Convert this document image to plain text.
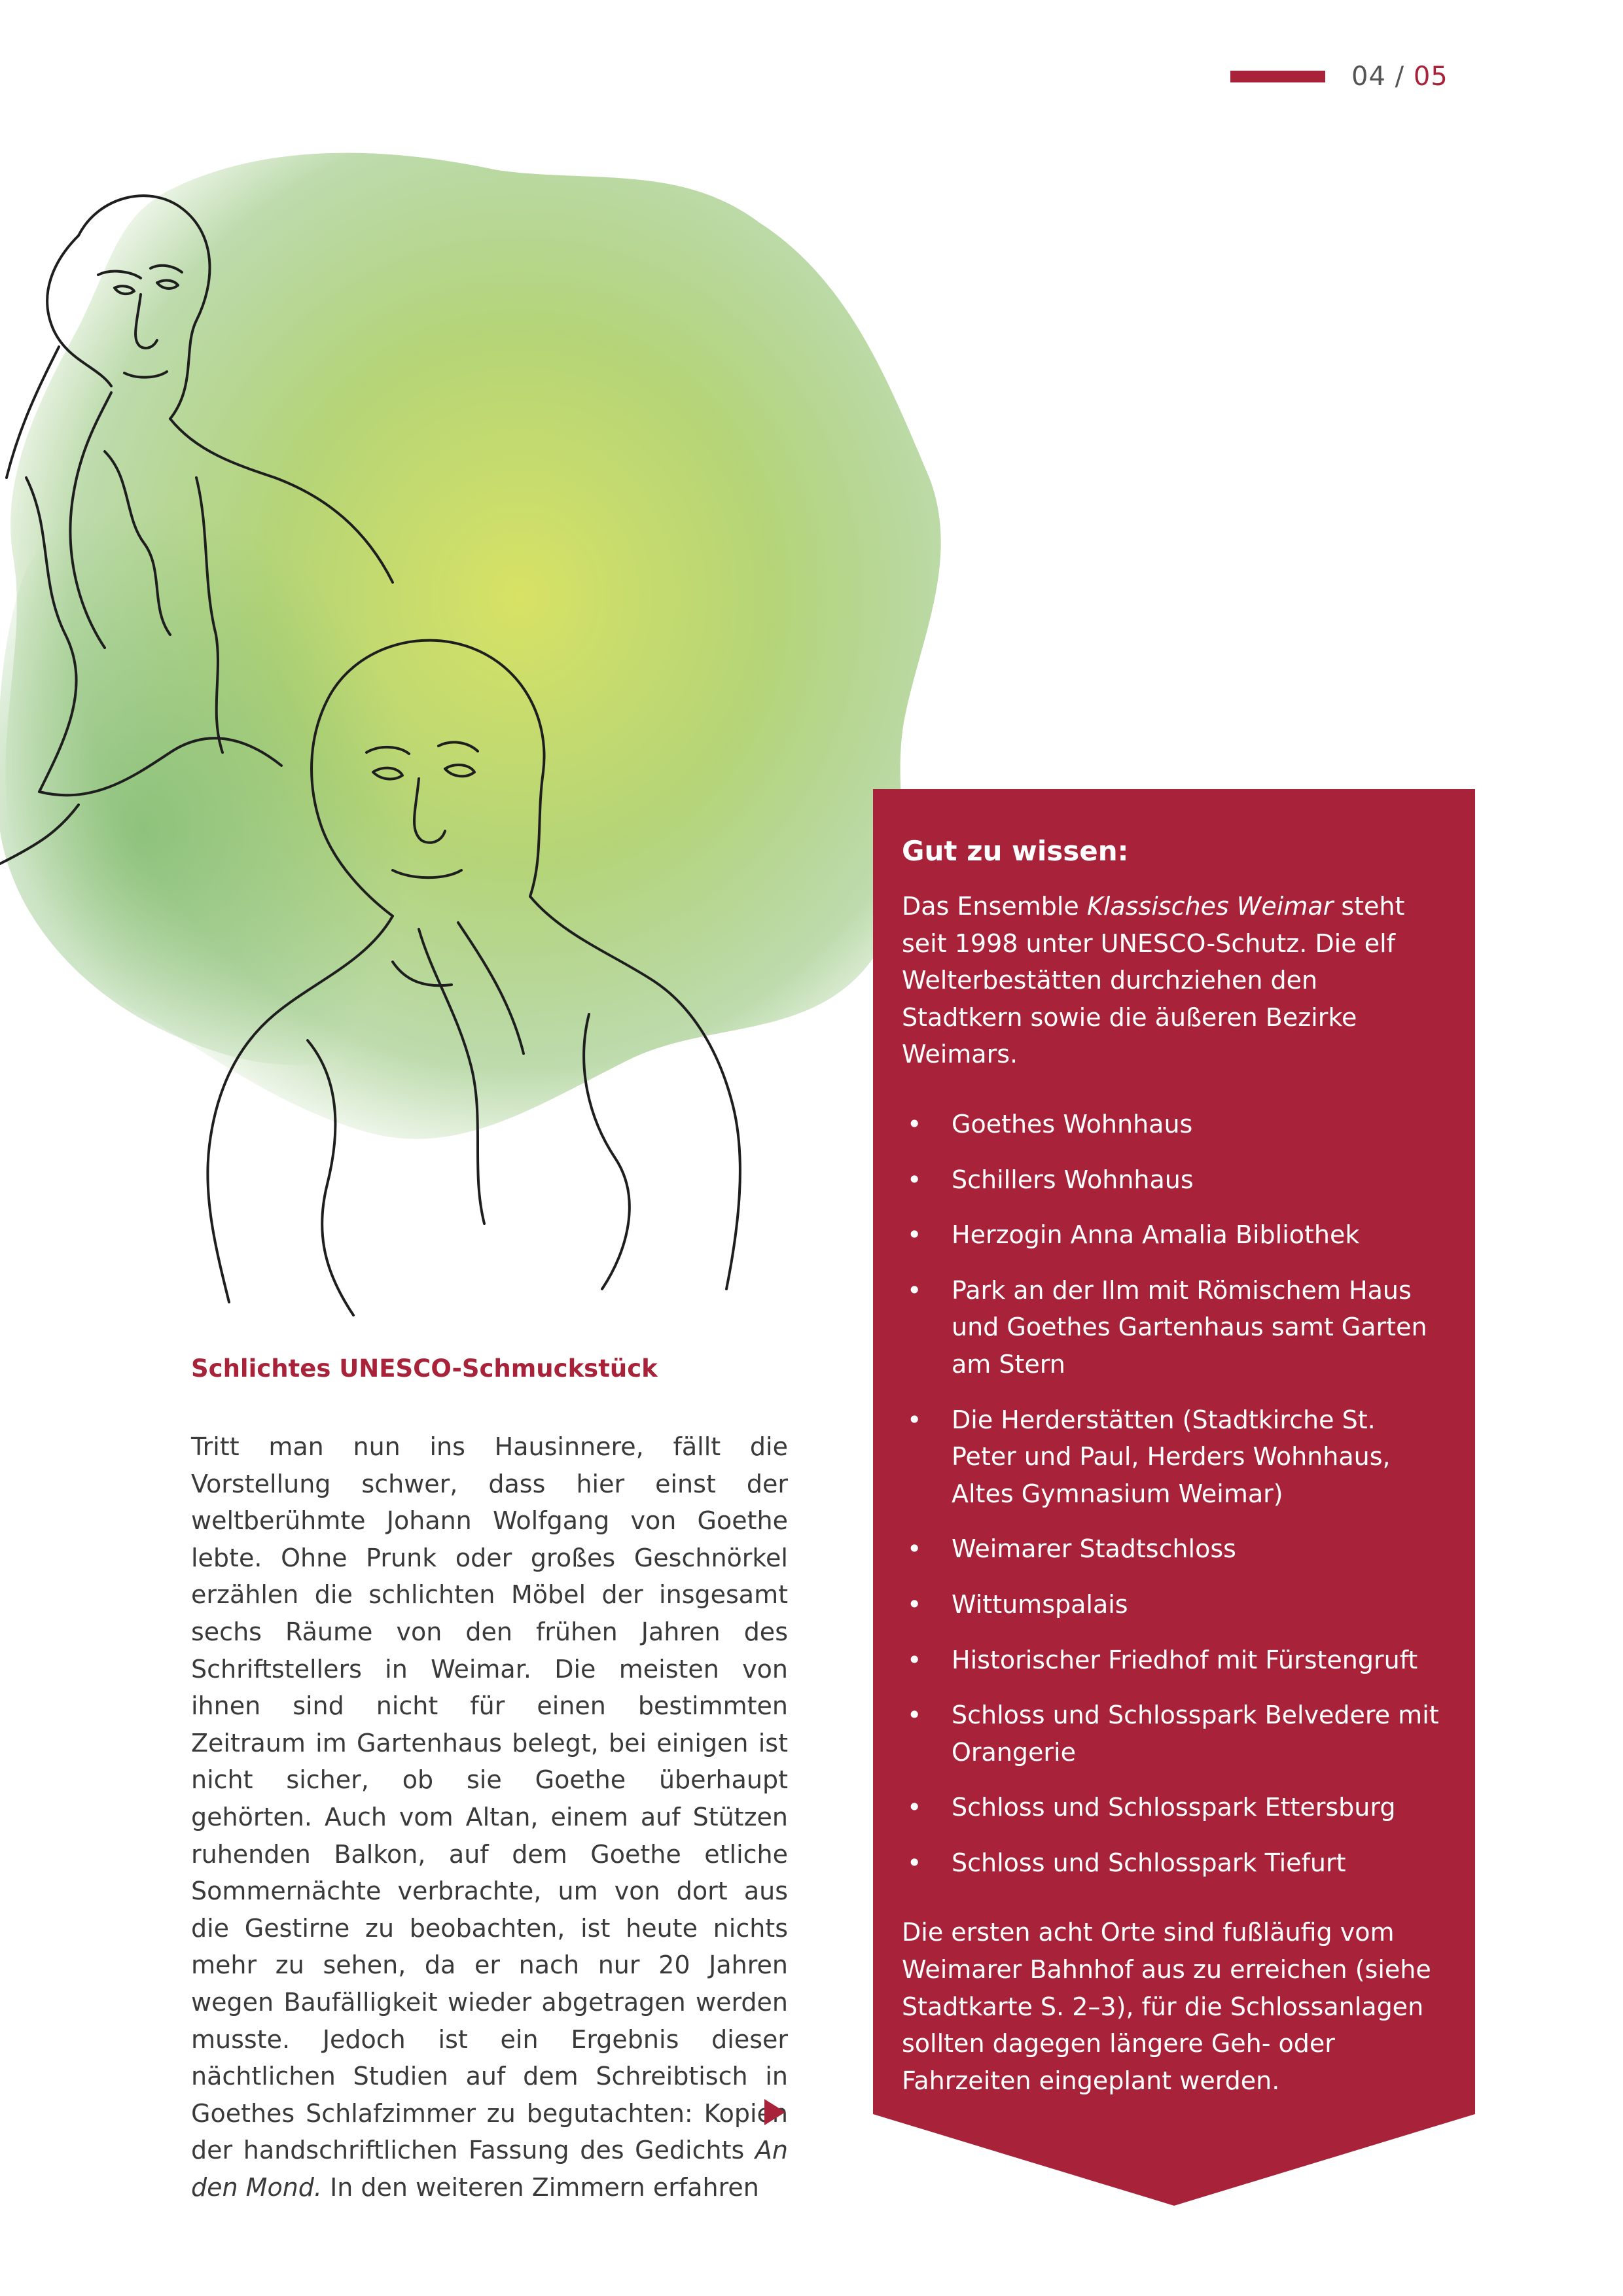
04 / 05
Schlichtes UNESCO-Schmuckstück

Tritt man nun ins Hausinnere, fällt die Vorstellung schwer, dass hier einst der weltberühmte Johann Wolfgang von Goethe lebte. Ohne Prunk oder großes Geschnörkel erzählen die schlichten Möbel der insgesamt sechs Räume von den frühen Jahren des Schriftstellers in Weimar. Die meisten von ihnen sind nicht für einen bestimmten Zeitraum im Gartenhaus belegt, bei einigen ist nicht sicher, ob sie Goethe überhaupt gehörten. Auch vom Altan, einem auf Stützen ruhenden Balkon, auf dem Goethe etliche Sommernächte verbrachte, um von dort aus die Gestirne zu beobachten, ist heute nichts mehr zu sehen, da er nach nur 20 Jahren wegen Baufälligkeit wieder abgetragen werden musste. Jedoch ist ein Ergebnis dieser nächtlichen Studien auf dem Schreibtisch in Goethes Schlafzimmer zu begutachten: Kopien der handschriftlichen Fassung des Gedichts An den Mond. In den weiteren Zimmern erfahren

Gut zu wissen:

Das Ensemble Klassisches Weimar steht seit 1998 unter UNESCO-Schutz. Die elf Welterbestätten durchziehen den Stadtkern sowie die äußeren Bezirke Weimars.

• Goethes Wohnhaus
• Schillers Wohnhaus
• Herzogin Anna Amalia Bibliothek
• Park an der Ilm mit Römischem Haus und Goethes Gartenhaus samt Garten am Stern
• Die Herderstätten (Stadtkirche St. Peter und Paul, Herders Wohnhaus, Altes Gymnasium Weimar)
• Weimarer Stadtschloss
• Wittumspalais
• Historischer Friedhof mit Fürstengruft
• Schloss und Schlosspark Belvedere mit Orangerie
• Schloss und Schlosspark Ettersburg
• Schloss und Schlosspark Tiefurt

Die ersten acht Orte sind fußläufig vom Weimarer Bahnhof aus zu erreichen (siehe Stadtkarte S. 2–3), für die Schlossanlagen sollten dagegen längere Geh- oder Fahrzeiten eingeplant werden.
